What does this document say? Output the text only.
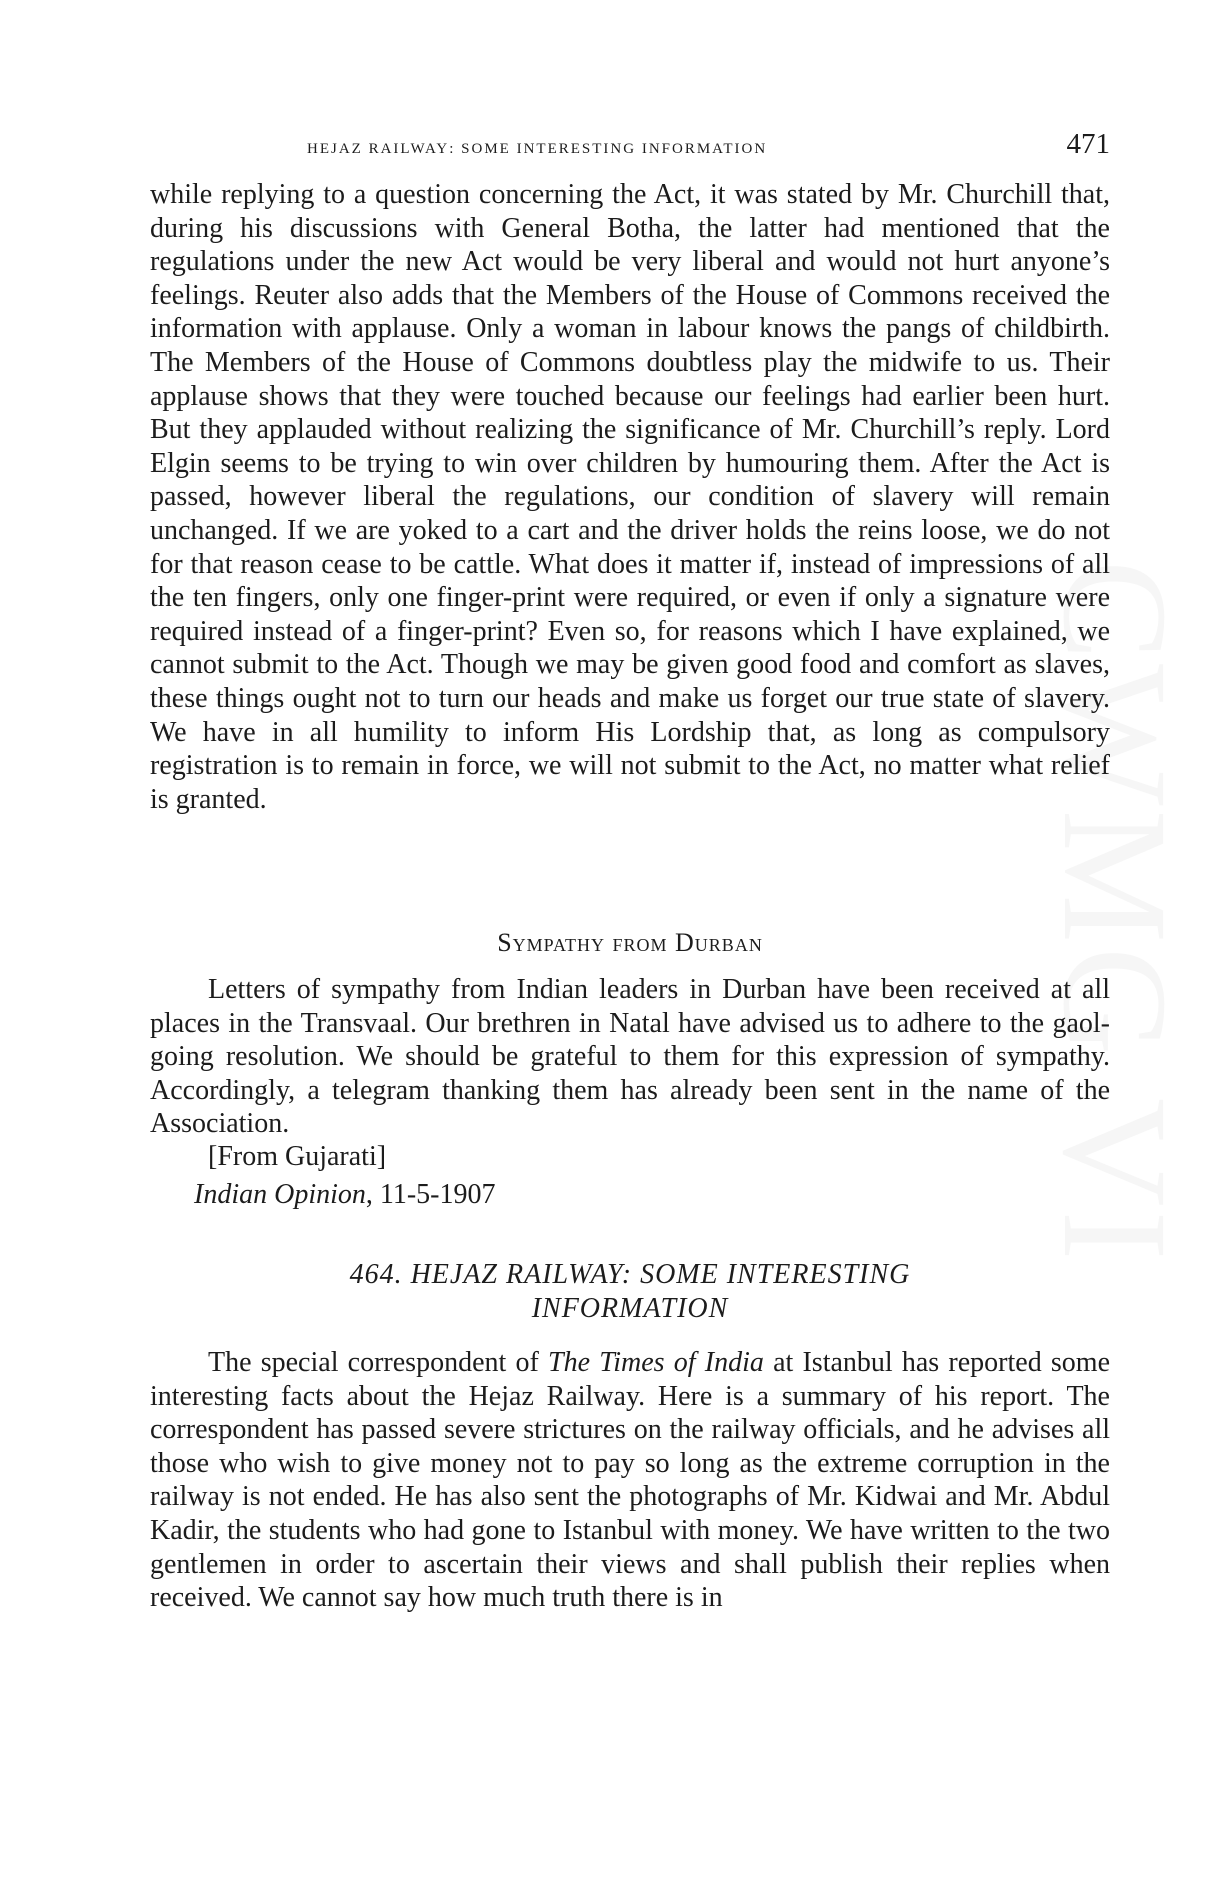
hejaz railway: some interesting information	471

while replying to a question concerning the Act, it was stated by Mr. Churchill that, during his discussions with General Botha, the latter had mentioned that the regulations under the new Act would be very liberal and would not hurt anyone’s feelings. Reuter also adds that the Members of the House of Commons received the information with applause. Only a woman in labour knows the pangs of childbirth. The Members of the House of Commons doubtless play the midwife to us. Their applause shows that they were touched because our feelings had earlier been hurt. But they applauded without realizing the significance of Mr. Churchill’s reply. Lord Elgin seems to be trying to win over children by humouring them. After the Act is passed, however liberal the regulations, our condition of slavery will remain unchanged. If we are yoked to a cart and the driver holds the reins loose, we do not for that reason cease to be cattle. What does it matter if, instead of impressions of all the ten fingers, only one finger-print were required, or even if only a signature were required instead of a finger-print? Even so, for reasons which I have explained, we cannot submit to the Act. Though we may be given good food and comfort as slaves, these things ought not to turn our heads and make us forget our true state of slavery. We have in all humility to inform His Lordship that, as long as compulsory registration is to remain in force, we will not submit to the Act, no matter what relief is granted.

Sympathy from Durban

Letters of sympathy from Indian leaders in Durban have been received at all places in the Transvaal. Our brethren in Natal have advised us to adhere to the gaol-going resolution. We should be grateful to them for this expression of sympathy. Accordingly, a telegram thanking them has already been sent in the name of the Association.

[From Gujarati]
Indian Opinion, 11-5-1907
464. HEJAZ RAILWAY: SOME INTERESTING
INFORMATION

The special correspondent of The Times of India at Istanbul has reported some interesting facts about the Hejaz Railway. Here is a summary of his report. The correspondent has passed severe strictures on the railway officials, and he advises all those who wish to give money not to pay so long as the extreme corruption in the railway is not ended. He has also sent the photographs of Mr. Kidwai and Mr. Abdul Kadir, the students who had gone to Istanbul with money. We have written to the two gentlemen in order to ascertain their views and shall publish their replies when received. We cannot say how much truth there is in
